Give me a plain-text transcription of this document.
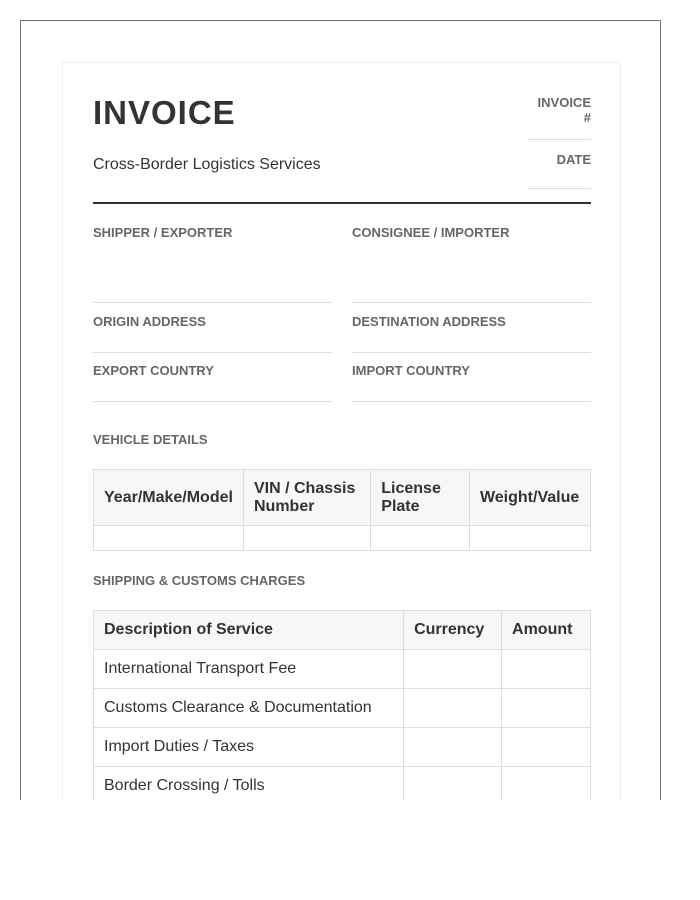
INVOICE
Cross-Border Logistics Services
INVOICE #
DATE
SHIPPER / EXPORTER	CONSIGNEE / IMPORTER
ORIGIN ADDRESS	DESTINATION ADDRESS
EXPORT COUNTRY	IMPORT COUNTRY
VEHICLE DETAILS
Year/Make/Model	VIN / Chassis Number	License Plate	Weight/Value

SHIPPING & CUSTOMS CHARGES
Description of Service	Currency	Amount
International Transport Fee		
Customs Clearance & Documentation		
Import Duties / Taxes		
Border Crossing / Tolls		
